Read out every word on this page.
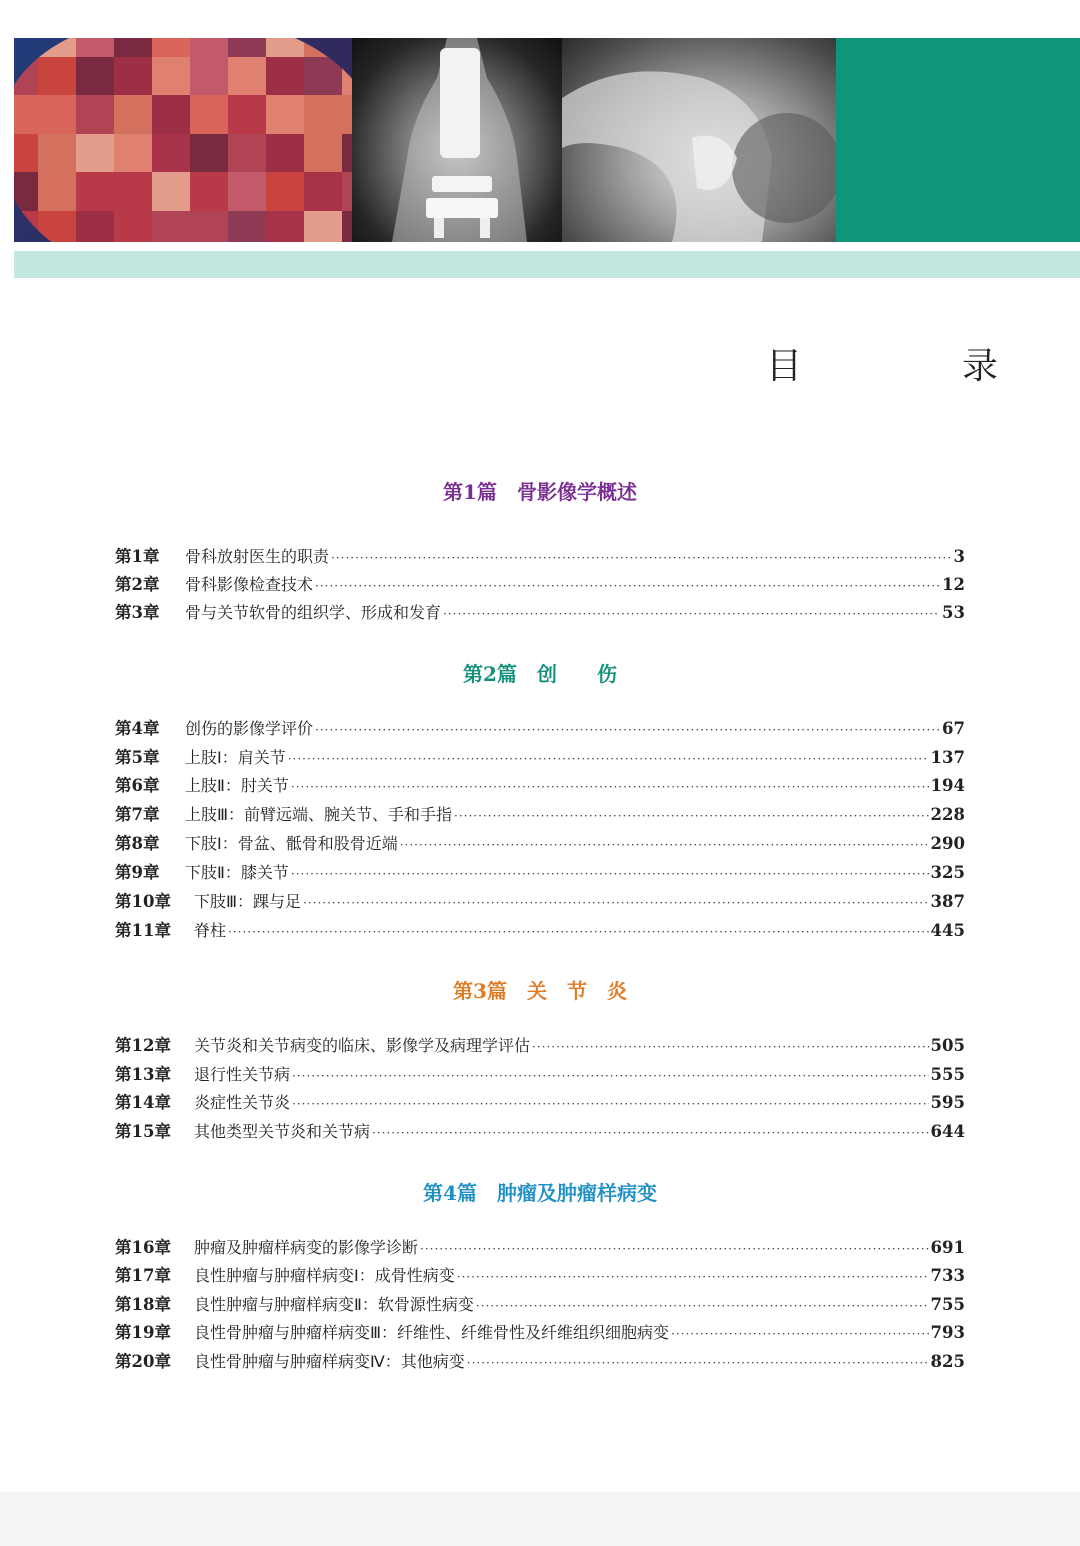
目　录
第1篇　骨影像学概述
第1章	骨科放射医生的职责 ·····	3
第2章	骨科影像检查技术 ·····	12
第3章	骨与关节软骨的组织学、形成和发育 ·····	53
第2篇　创　　伤
第4章	创伤的影像学评价 ·····	67
第5章	上肢Ⅰ：肩关节 ·····	137
第6章	上肢Ⅱ：肘关节 ·····	194
第7章	上肢Ⅲ：前臂远端、腕关节、手和手指 ·····	228
第8章	下肢Ⅰ：骨盆、骶骨和股骨近端 ·····	290
第9章	下肢Ⅱ：膝关节 ·····	325
第10章	下肢Ⅲ：踝与足 ·····	387
第11章	脊柱 ·····	445
第3篇　关　节　炎
第12章	关节炎和关节病变的临床、影像学及病理学评估 ·····	505
第13章	退行性关节病 ·····	555
第14章	炎症性关节炎 ·····	595
第15章	其他类型关节炎和关节病 ·····	644
第4篇　肿瘤及肿瘤样病变
第16章	肿瘤及肿瘤样病变的影像学诊断 ·····	691
第17章	良性肿瘤与肿瘤样病变Ⅰ：成骨性病变 ·····	733
第18章	良性肿瘤与肿瘤样病变Ⅱ：软骨源性病变 ·····	755
第19章	良性骨肿瘤与肿瘤样病变Ⅲ：纤维性、纤维骨性及纤维组织细胞病变 ·····	793
第20章	良性骨肿瘤与肿瘤样病变Ⅳ：其他病变 ·····	825
